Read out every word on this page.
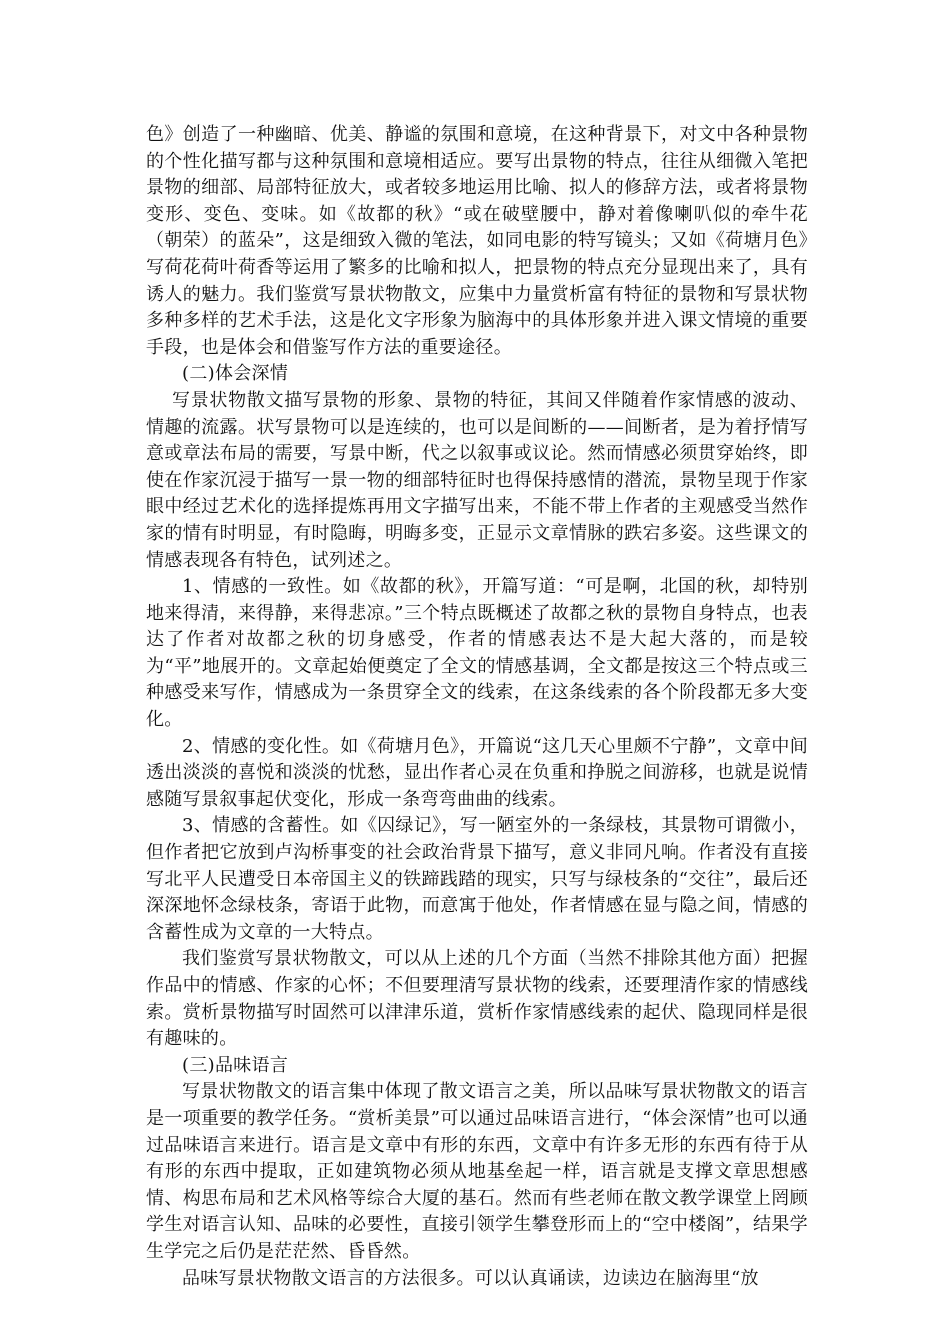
色》创造了一种幽暗、优美、静谧的氛围和意境，在这种背景下，对文中各种景物的个性化描写都与这种氛围和意境相适应。要写出景物的特点，往往从细微入笔把景物的细部、局部特征放大，或者较多地运用比喻、拟人的修辞方法，或者将景物变形、变色、变味。如《故都的秋》“或在破壁腰中，静对着像喇叭似的牵牛花（朝荣）的蓝朵”，这是细致入微的笔法，如同电影的特写镜头；又如《荷塘月色》写荷花荷叶荷香等运用了繁多的比喻和拟人，把景物的特点充分显现出来了，具有诱人的魅力。我们鉴赏写景状物散文，应集中力量赏析富有特征的景物和写景状物多种多样的艺术手法，这是化文字形象为脑海中的具体形象并进入课文情境的重要手段，也是体会和借鉴写作方法的重要途径。

(二)体会深情

写景状物散文描写景物的形象、景物的特征，其间又伴随着作家情感的波动、情趣的流露。状写景物可以是连续的，也可以是间断的——间断者，是为着抒情写意或章法布局的需要，写景中断，代之以叙事或议论。然而情感必须贯穿始终，即使在作家沉浸于描写一景一物的细部特征时也得保持感情的潜流，景物呈现于作家眼中经过艺术化的选择提炼再用文字描写出来，不能不带上作者的主观感受当然作家的情有时明显，有时隐晦，明晦多变，正显示文章情脉的跌宕多姿。这些课文的情感表现各有特色，试列述之。

1、情感的一致性。如《故都的秋》，开篇写道：“可是啊，北国的秋，却特别地来得清，来得静，来得悲凉。”三个特点既概述了故都之秋的景物自身特点，也表达了作者对故都之秋的切身感受，作者的情感表达不是大起大落的，而是较为“平”地展开的。文章起始便奠定了全文的情感基调，全文都是按这三个特点或三种感受来写作，情感成为一条贯穿全文的线索，在这条线索的各个阶段都无多大变化。

2、情感的变化性。如《荷塘月色》，开篇说“这几天心里颇不宁静”，文章中间透出淡淡的喜悦和淡淡的忧愁，显出作者心灵在负重和挣脱之间游移，也就是说情感随写景叙事起伏变化，形成一条弯弯曲曲的线索。

3、情感的含蓄性。如《囚绿记》，写一陋室外的一条绿枝，其景物可谓微小，但作者把它放到卢沟桥事变的社会政治背景下描写，意义非同凡响。作者没有直接写北平人民遭受日本帝国主义的铁蹄践踏的现实，只写与绿枝条的“交往”，最后还深深地怀念绿枝条，寄语于此物，而意寓于他处，作者情感在显与隐之间，情感的含蓄性成为文章的一大特点。

我们鉴赏写景状物散文，可以从上述的几个方面（当然不排除其他方面）把握作品中的情感、作家的心怀；不但要理清写景状物的线索，还要理清作家的情感线索。赏析景物描写时固然可以津津乐道，赏析作家情感线索的起伏、隐现同样是很有趣味的。

(三)品味语言

写景状物散文的语言集中体现了散文语言之美，所以品味写景状物散文的语言是一项重要的教学任务。“赏析美景”可以通过品味语言进行，“体会深情”也可以通过品味语言来进行。语言是文章中有形的东西，文章中有许多无形的东西有待于从有形的东西中提取，正如建筑物必须从地基垒起一样，语言就是支撑文章思想感情、构思布局和艺术风格等综合大厦的基石。然而有些老师在散文教学课堂上罔顾学生对语言认知、品味的必要性，直接引领学生攀登形而上的“空中楼阁”，结果学生学完之后仍是茫茫然、昏昏然。

品味写景状物散文语言的方法很多。可以认真诵读，边读边在脑海里“放
